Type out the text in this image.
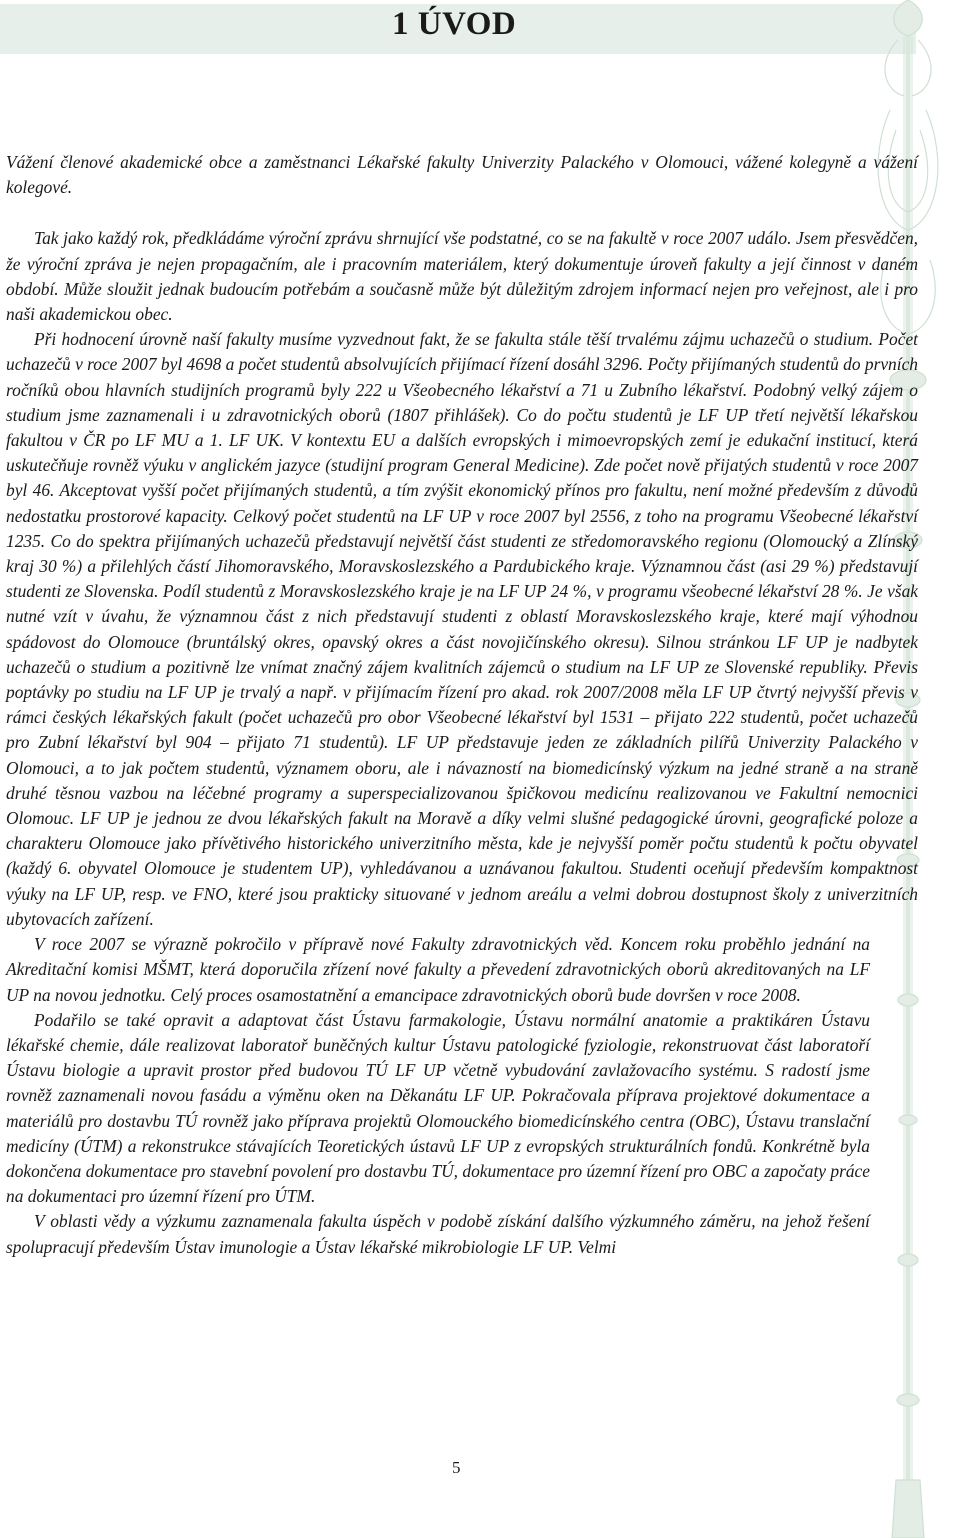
1 ÚVOD

Vážení členové akademické obce a zaměstnanci Lékařské fakulty Univerzity Palackého v Olomouci, vážené kolegyně a vážení kolegové.

Tak jako každý rok, předkládáme výroční zprávu shrnující vše podstatné, co se na fakultě v roce 2007 událo. Jsem přesvědčen, že výroční zpráva je nejen propagačním, ale i pracovním materiálem, který dokumentuje úroveň fakulty a její činnost v daném období. Může sloužit jednak budoucím potřebám a současně může být důležitým zdrojem informací nejen pro veřejnost, ale i pro naši akademickou obec.

Při hodnocení úrovně naší fakulty musíme vyzvednout fakt, že se fakulta stále těší trvalému zájmu uchazečů o studium. Počet uchazečů v roce 2007 byl 4698 a počet studentů absolvujících přijímací řízení dosáhl 3296. Počty přijímaných studentů do prvních ročníků obou hlavních studijních programů byly 222 u Všeobecného lékařství a 71 u Zubního lékařství. Podobný velký zájem o studium jsme zaznamenali i u zdravotnických oborů (1807 přihlášek). Co do počtu studentů je LF UP třetí největší lékařskou fakultou v ČR po LF MU a 1. LF UK. V kontextu EU a dalších evropských i mimoevropských zemí je edukační institucí, která uskutečňuje rovněž výuku v anglickém jazyce (studijní program General Medicine). Zde počet nově přijatých studentů v roce 2007 byl 46. Akceptovat vyšší počet přijímaných studentů, a tím zvýšit ekonomický přínos pro fakultu, není možné především z důvodů nedostatku prostorové kapacity. Celkový počet studentů na LF UP v roce 2007 byl 2556, z toho na programu Všeobecné lékařství 1235. Co do spektra přijímaných uchazečů představují největší část studenti ze středomoravského regionu (Olomoucký a Zlínský kraj 30 %) a přilehlých částí Jihomoravského, Moravskoslezského a Pardubického kraje. Významnou část (asi 29 %) představují studenti ze Slovenska. Podíl studentů z Moravskoslezského kraje je na LF UP 24 %, v programu všeobecné lékařství 28 %. Je však nutné vzít v úvahu, že významnou část z nich představují studenti z oblastí Moravskoslezského kraje, které mají výhodnou spádovost do Olomouce (bruntálský okres, opavský okres a část novojičínského okresu). Silnou stránkou LF UP je nadbytek uchazečů o studium a pozitivně lze vnímat značný zájem kvalitních zájemců o studium na LF UP ze Slovenské republiky. Převis poptávky po studiu na LF UP je trvalý a např. v přijímacím řízení pro akad. rok 2007/2008 měla LF UP čtvrtý nejvyšší převis v rámci českých lékařských fakult (počet uchazečů pro obor Všeobecné lékařství byl 1531 – přijato 222 studentů, počet uchazečů pro Zubní lékařství byl 904 – přijato 71 studentů). LF UP představuje jeden ze základních pilířů Univerzity Palackého v Olomouci, a to jak počtem studentů, významem oboru, ale i návazností na biomedicínský výzkum na jedné straně a na straně druhé těsnou vazbou na léčebné programy a superspecializovanou špičkovou medicínu realizovanou ve Fakultní nemocnici Olomouc. LF UP je jednou ze dvou lékařských fakult na Moravě a díky velmi slušné pedagogické úrovni, geografické poloze a charakteru Olomouce jako přívětivého historického univerzitního města, kde je nejvyšší poměr počtu studentů k počtu obyvatel (každý 6. obyvatel Olomouce je studentem UP), vyhledávanou a uznávanou fakultou. Studenti oceňují především kompaktnost výuky na LF UP, resp. ve FNO, které jsou prakticky situované v jednom areálu a velmi dobrou dostupnost školy z univerzitních ubytovacích zařízení.

V roce 2007 se výrazně pokročilo v přípravě nové Fakulty zdravotnických věd. Koncem roku proběhlo jednání na Akreditační komisi MŠMT, která doporučila zřízení nové fakulty a převedení zdravotnických oborů akreditovaných na LF UP na novou jednotku. Celý proces osamostatnění a emancipace zdravotnických oborů bude dovršen v roce 2008.

Podařilo se také opravit a adaptovat část Ústavu farmakologie, Ústavu normální anatomie a praktikáren Ústavu lékařské chemie, dále realizovat laboratoř buněčných kultur Ústavu patologické fyziologie, rekonstruovat část laboratoří Ústavu biologie a upravit prostor před budovou TÚ LF UP včetně vybudování zavlažovacího systému. S radostí jsme rovněž zaznamenali novou fasádu a výměnu oken na Děkanátu LF UP. Pokračovala příprava projektové dokumentace a materiálů pro dostavbu TÚ rovněž jako příprava projektů Olomouckého biomedicínského centra (OBC), Ústavu translační medicíny (ÚTM) a rekonstrukce stávajících Teoretických ústavů LF UP z evropských strukturálních fondů. Konkrétně byla dokončena dokumentace pro stavební povolení pro dostavbu TÚ, dokumentace pro územní řízení pro OBC a započaty práce na dokumentaci pro územní řízení pro ÚTM.

V oblasti vědy a výzkumu zaznamenala fakulta úspěch v podobě získání dalšího výzkumného záměru, na jehož řešení spolupracují především Ústav imunologie a Ústav lékařské mikrobiologie LF UP. Velmi

5
